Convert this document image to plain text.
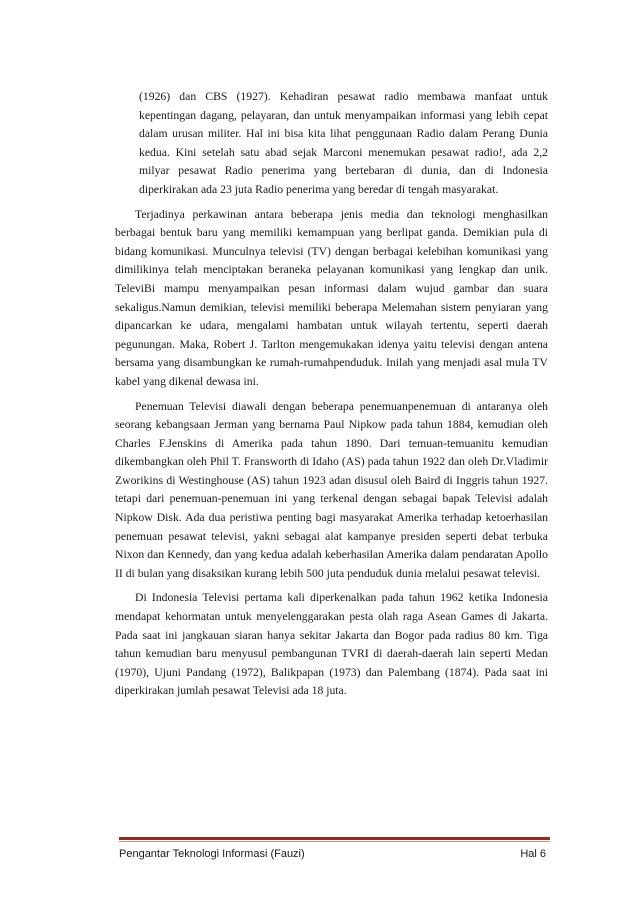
(1926) dan CBS (1927). Kehadiran pesawat radio membawa manfaat untuk kepentingan dagang, pelayaran, dan untuk menyampaikan informasi yang lebih cepat dalam urusan militer. Hal ini bisa kita lihat penggunaan Radio dalam Perang Dunia kedua. Kini setelah satu abad sejak Marconi menemukan pesawat radio!, ada 2,2 milyar pesawat Radio penerima yang bertebaran di dunia, dan di Indonesia diperkirakan ada 23 juta Radio penerima yang beredar di tengah masyarakat.

Terjadinya perkawinan antara beberapa jenis media dan teknologi menghasilkan berbagai bentuk baru yang memiliki kemampuan yang berlipat ganda. Demikian pula di bidang komunikasi. Munculnya televisi (TV) dengan berbagai kelebihan komunikasi yang dimilikinya telah menciptakan beraneka pelayanan komunikasi yang lengkap dan unik. TeleviBi mampu menyampaikan pesan informasi dalam wujud gambar dan suara sekaligus.Namun demikian, televisi memiliki beberapa Melemahan sistem penyiaran yang dipancarkan ke udara, mengalami hambatan untuk wilayah tertentu, seperti daerah pegunungan. Maka, Robert J. Tarlton mengemukakan idenya yaitu televisi dengan antena bersama yang disambungkan ke rumah-rumahpenduduk. Inilah yang menjadi asal mula TV kabel yang dikenal dewasa ini.

Penemuan Televisi diawali dengan beberapa penemuanpenemuan di antaranya oleh seorang kebangsaan Jerman yang bernama Paul Nipkow pada tahun 1884, kemudian oleh Charles F.Jenskins di Amerika pada tahun 1890. Dari temuan-temuanitu kemudian dikembangkan oleh Phil T. Fransworth di Idaho (AS) pada tahun 1922 dan oleh Dr.Vladimir Zworikins di Westinghouse (AS) tahun 1923 adan disusul oleh Baird di Inggris tahun 1927. tetapi dari penemuan-penemuan ini yang terkenal dengan sebagai bapak Televisi adalah Nipkow Disk. Ada dua peristiwa penting bagi masyarakat Amerika terhadap ketoerhasilan penemuan pesawat televisi, yakni sebagai alat kampanye presiden seperti debat terbuka Nixon dan Kennedy, dan yang kedua adalah keberhasilan Amerika dalam pendaratan Apollo II di bulan yang disaksikan kurang lebih 500 juta penduduk dunia melalui pesawat televisi.

Di Indonesia Televisi pertama kali diperkenalkan pada tahun 1962 ketika Indonesia mendapat kehormatan untuk menyelenggarakan pesta olah raga Asean Games di Jakarta. Pada saat ini jangkauan siaran hanya sekitar Jakarta dan Bogor pada radius 80 km. Tiga tahun kemudian baru menyusul pembangunan TVRI di daerah-daerah lain seperti Medan (1970), Ujuni Pandang (1972), Balikpapan (1973) dan Palembang (1874). Pada saat ini diperkirakan jumlah pesawat Televisi ada 18 juta.

Pengantar Teknologi Informasi (Fauzi)	Hal 6
